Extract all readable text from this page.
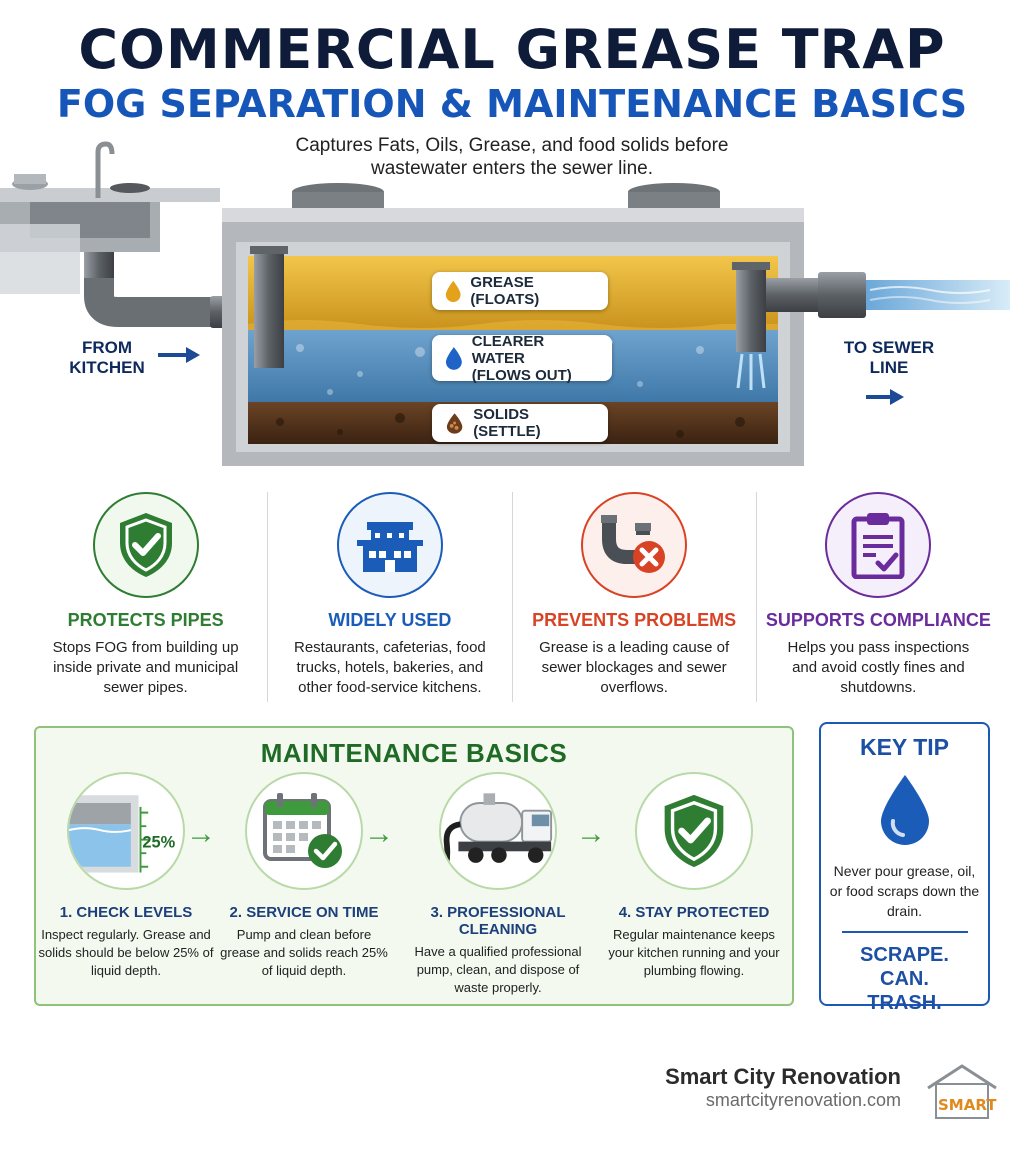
COMMERCIAL GREASE TRAP
FOG SEPARATION & MAINTENANCE BASICS
Captures Fats, Oils, Grease, and food solids before
wastewater enters the sewer line.
FROM
KITCHEN
TO SEWER
LINE
GREASE (FLOATS)
CLEARER WATER
(FLOWS OUT)
SOLIDS (SETTLE)
PROTECTS PIPES
Stops FOG from building up inside private and municipal sewer pipes.
WIDELY USED
Restaurants, cafeterias, food trucks, hotels, bakeries, and other food-service kitchens.
PREVENTS PROBLEMS
Grease is a leading cause of sewer blockages and sewer overflows.
SUPPORTS COMPLIANCE
Helps you pass inspections and avoid costly fines and shutdowns.
MAINTENANCE BASICS
25%
1. CHECK LEVELS
Inspect regularly. Grease and solids should be below 25% of liquid depth.
→
2. SERVICE ON TIME
Pump and clean before grease and solids reach 25% of liquid depth.
→
3. PROFESSIONAL CLEANING
Have a qualified professional pump, clean, and dispose of waste properly.
→
4. STAY PROTECTED
Regular maintenance keeps your kitchen running and your plumbing flowing.
KEY TIP
Never pour grease, oil, or food scraps down the drain.
SCRAPE.
CAN.
TRASH.
Smart City Renovation
smartcityrenovation.com SMART
